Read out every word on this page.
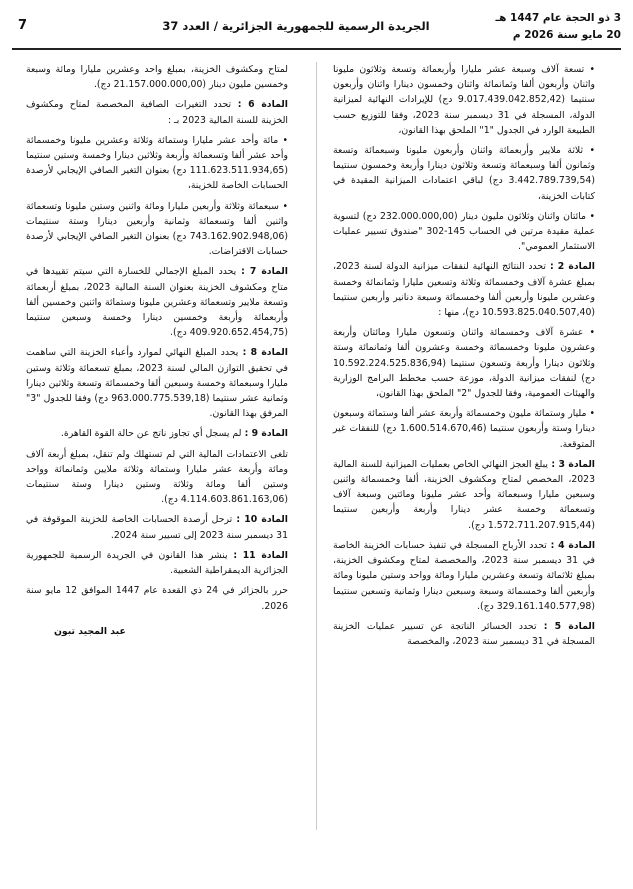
3 ذو الحجة عام 1447 هـ
20 مايو سنة 2026 م
الجريدة الرسمية للجمهورية الجزائرية / العدد 37
7

• تسعة آلاف وسبعة عشر مليارا وأربعمائة وتسعة وثلاثون مليونا واثنان وأربعون ألفا وثمانمائة واثنان وخمسون دينارا واثنان وأربعون سنتيما (9.017.439.042.852,42 دج) للإيرادات النهائية لميزانية الدولة، المسجلة في 31 ديسمبر سنة 2023، وفقا للتوزيع حسب الطبيعة الوارد في الجدول "1" الملحق بهذا القانون،

• ثلاثة ملايير وأربعمائة واثنان وأربعون مليونا وسبعمائة وتسعة وثمانون ألفا وسبعمائة وتسعة وثلاثون دينارا وأربعة وخمسون سنتيما (3.442.789.739,54 دج) لباقي اعتمادات الميزانية المقيدة في كتابات الخزينة،

• مائتان واثنان وثلاثون مليون دينار (232.000.000,00 دج) لتسوية عملية مقيدة مرتين في الحساب 145-302 "صندوق تسيير عمليات الاستثمار العمومي".

المادة 2 : تحدد النتائج النهائية لنفقات ميزانية الدولة لسنة 2023، بمبلغ عشرة آلاف وخمسمائة وثلاثة وتسعين مليارا وثمانمائة وخمسة وعشرين مليونا وأربعين ألفا وخمسمائة وسبعة دنانير وأربعين سنتيما (10.593.825.040.507,40 دج)، منها :

• عشرة آلاف وخمسمائة واثنان وتسعون مليارا ومائتان وأربعة وعشرون مليونا وخمسمائة وخمسة وعشرون ألفا وثمانمائة وستة وثلاثون دينارا وأربعة وتسعون سنتيما (10.592.224.525.836,94 دج) لنفقات ميزانية الدولة، موزعة حسب مخطط البرامج الوزارية والهيئات العمومية، وفقا للجدول "2" الملحق بهذا القانون،

• مليار وستمائة مليون وخمسمائة وأربعة عشر ألفا وستمائة وسبعون دينارا وستة وأربعون سنتيما (1.600.514.670,46 دج) للنفقات غير المتوقعة.

المادة 3 : يبلغ العجز النهائي الخاص بعمليات الميزانية للسنة المالية 2023، المخصص لمتاح ومكشوف الخزينة، ألفا وخمسمائة واثنين وسبعين مليارا وسبعمائة وأحد عشر مليونا ومائتين وسبعة آلاف وتسعمائة وخمسة عشر دينارا وأربعة وأربعين سنتيما (1.572.711.207.915,44 دج).

المادة 4 : تحدد الأرباح المسجلة في تنفيذ حسابات الخزينة الخاصة في 31 ديسمبر سنة 2023، والمخصصة لمتاح ومكشوف الخزينة، بمبلغ ثلاثمائة وتسعة وعشرين مليارا ومائة وواحد وستين مليونا ومائة وأربعين ألفا وخمسمائة وسبعة وسبعين دينارا وثمانية وتسعين سنتيما (329.161.140.577,98 دج).

المادة 5 : تحدد الخسائر الناتجة عن تسيير عمليات الخزينة المسجلة في 31 ديسمبر سنة 2023، والمخصصة

لمتاح ومكشوف الخزينة، بمبلغ واحد وعشرين مليارا ومائة وسبعة وخمسين مليون دينار (21.157.000.000,00 دج).

المادة 6 : تحدد التغيرات الصافية المخصصة لمتاح ومكشوف الخزينة للسنة المالية 2023 بـ :

• مائة وأحد عشر مليارا وستمائة وثلاثة وعشرين مليونا وخمسمائة وأحد عشر ألفا وتسعمائة وأربعة وثلاثين دينارا وخمسة وستين سنتيما (111.623.511.934,65 دج) بعنوان التغير الصافي الإيجابي لأرصدة الحسابات الخاصة للخزينة،

• سبعمائة وثلاثة وأربعين مليارا ومائة واثنين وستين مليونا وتسعمائة واثنين ألفا وتسعمائة وثمانية وأربعين دينارا وستة سنتيمات (743.162.902.948,06 دج) بعنوان التغير الصافي الإيجابي لأرصدة حسابات الاقتراضات.

المادة 7 : يحدد المبلغ الإجمالي للخسارة التي سيتم تقييدها في متاح ومكشوف الخزينة بعنوان السنة المالية 2023، بمبلغ أربعمائة وتسعة ملايير وتسعمائة وعشرين مليونا وستمائة واثنين وخمسين ألفا وأربعمائة وأربعة وخمسين دينارا وخمسة وسبعين سنتيما (409.920.652.454,75 دج).

المادة 8 : يحدد المبلغ النهائي لموارد وأعباء الخزينة التي ساهمت في تحقيق التوازن المالي لسنة 2023، بمبلغ تسعمائة وثلاثة وستين مليارا وسبعمائة وخمسة وسبعين ألفا وخمسمائة وتسعة وثلاثين دينارا وثمانية عشر سنتيما (963.000.775.539,18 دج) وفقا للجدول "3" المرفق بهذا القانون.

المادة 9 : لم يسجل أي تجاوز ناتج عن حالة القوة القاهرة.

تلغى الاعتمادات المالية التي لم تستهلك ولم تنقل، بمبلغ أربعة آلاف ومائة وأربعة عشر مليارا وستمائة وثلاثة ملايين وثمانمائة وواحد وستين ألفا ومائة وثلاثة وستين دينارا وستة سنتيمات (4.114.603.861.163,06 دج).

المادة 10 : ترحل أرصدة الحسابات الخاصة للخزينة الموقوفة في 31 ديسمبر سنة 2023 إلى تسيير سنة 2024.

المادة 11 : ينشر هذا القانون في الجريدة الرسمية للجمهورية الجزائرية الديمقراطية الشعبية.

حرر بالجزائر في 24 ذي القعدة عام 1447 الموافق 12 مايو سنة 2026.

عبد المجيد تبون
